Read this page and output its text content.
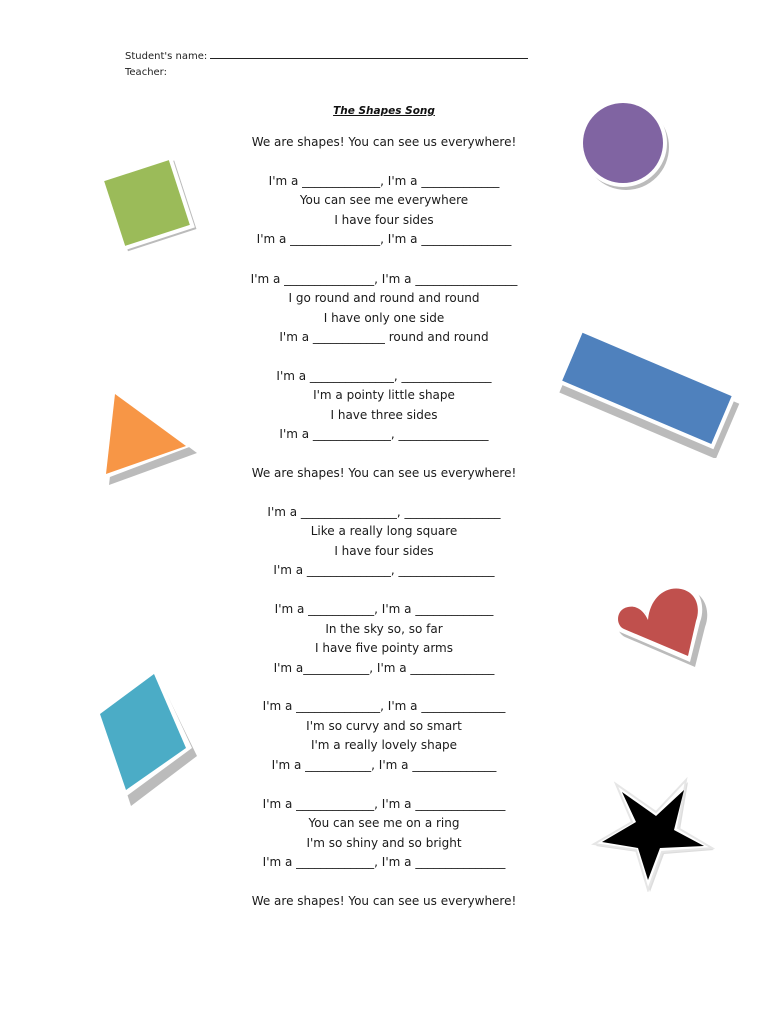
Student's name:
Teacher:
The Shapes Song
We are shapes! You can see us everywhere!
I'm a _____________, I'm a _____________
You can see me everywhere
I have four sides
I'm a _______________, I'm a _______________
I'm a _______________, I'm a _________________
I go round and round and round
I have only one side
I'm a ____________ round and round
I'm a ______________, _______________
I'm a pointy little shape
I have three sides
I'm a _____________, _______________
We are shapes! You can see us everywhere!
I'm a ________________, ________________
Like a really long square
I have four sides
I'm a ______________, ________________
I'm a ___________, I'm a _____________
In the sky so, so far
I have five pointy arms
I'm a___________, I'm a ______________
I'm a ______________, I'm a ______________
I'm so curvy and so smart
I'm a really lovely shape
I'm a ___________, I'm a ______________
I'm a _____________, I'm a _______________
You can see me on a ring
I'm so shiny and so bright
I'm a _____________, I'm a _______________
We are shapes! You can see us everywhere!
